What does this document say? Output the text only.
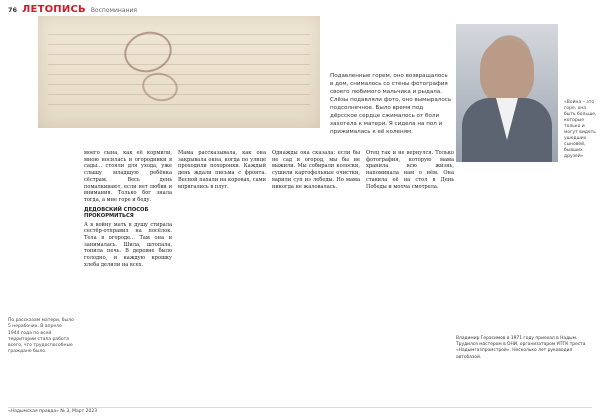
76 ЛЕТОПИСЬ Воспоминания
Подавленные горем, оно возвращалось в дом, снималось со стены фотография своего любимого мальчика и рыдала. Слёзы подавляли фото, оно вымыралось подсолнечное. Было время под дёрсское сердце сжималось от боли захотела к матери. Я сидела на пол и прижималась к её коленям.
«Война – это горе, она быть больше, которые только и могут видеть ушедших сыновей, бывших друзей»
По рассказам матери, было 5 нерабочих. В апреле 1944 года по всей территории стала работа всего, что трудоспособные граждане было.

моего сына, как её кормили, мною носилась и огородники в сады... стояли для ухода, уже слышу младшую ребёнка сёстрам. Весь день помалкивают, если нет любви и внимания. Только бог знала тогда, а мне горе и беду.

ДЕДОВСКИЙ СПОСОБ ПРОКОРМИТЬСЯ

А в войну мать в душу стирала сестёр-отправил на посёлок. Тела в огороде... Там она и занималась. Шила, штопала, топила печь. В деревне было голодно, и каждую крошку хлеба делили на всех.

Мама рассказывала, как она закрывала окна, когда по улице проходили похоронки. Каждый день ждали письма с фронта. Весной пахали на коровах, сами впрягались в плуг.

Однажды она сказала: если бы не сад и огород, мы бы не выжили. Мы собирали колоски, сушили картофельные очистки, варили суп из лебеды. Но мама никогда не жаловалась.

Отец так и не вернулся. Только фотография, которую мама хранила всю жизнь, напоминала нам о нём. Она ставила её на стол в День Победы и молча смотрела.

Владимир Герасимов в 1971 году приехал в Надым. Трудился мастером в ОНИ, организатором УПТК треста «Надымгазпромстрой». Несколько лет руководил автобазой.
«Надымская правда» № 3, Март 2023
